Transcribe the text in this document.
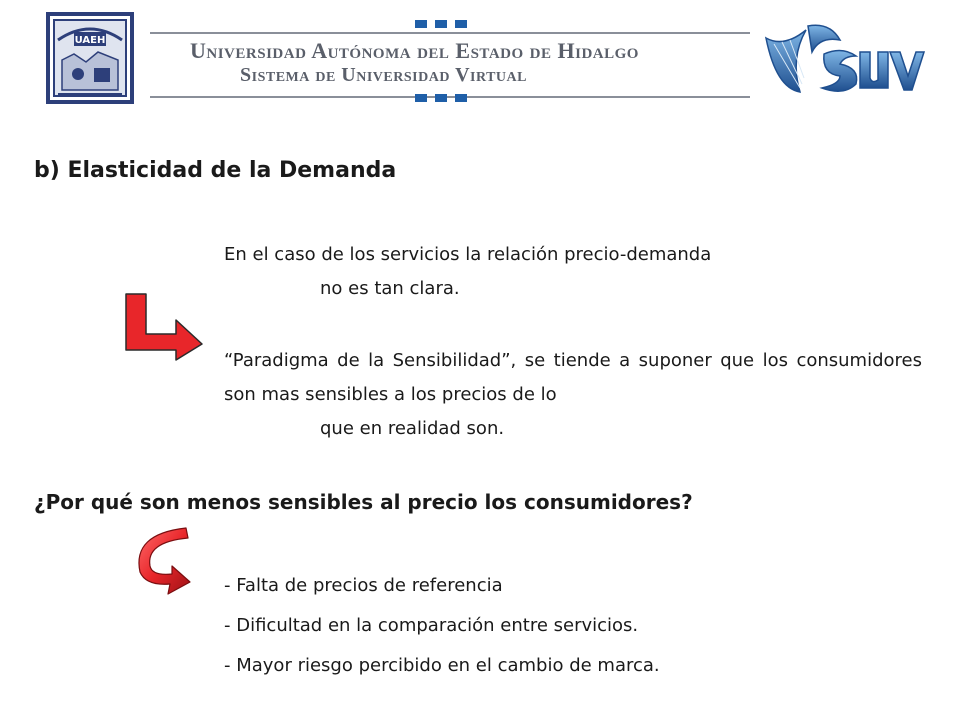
UAEH	Universidad Autónoma del Estado de Hidalgo
Sistema de Universidad Virtual
b) Elasticidad de la Demanda

En el caso de los servicios la relación precio-demanda
no es tan clara.

“Paradigma de la Sensibilidad”, se tiende a suponer que los consumidores son mas sensibles a los precios de lo
que en realidad son.

¿Por qué son menos sensibles al precio los consumidores?
- Falta de precios de referencia
- Dificultad en la comparación entre servicios.
- Mayor riesgo percibido en el cambio de marca.
